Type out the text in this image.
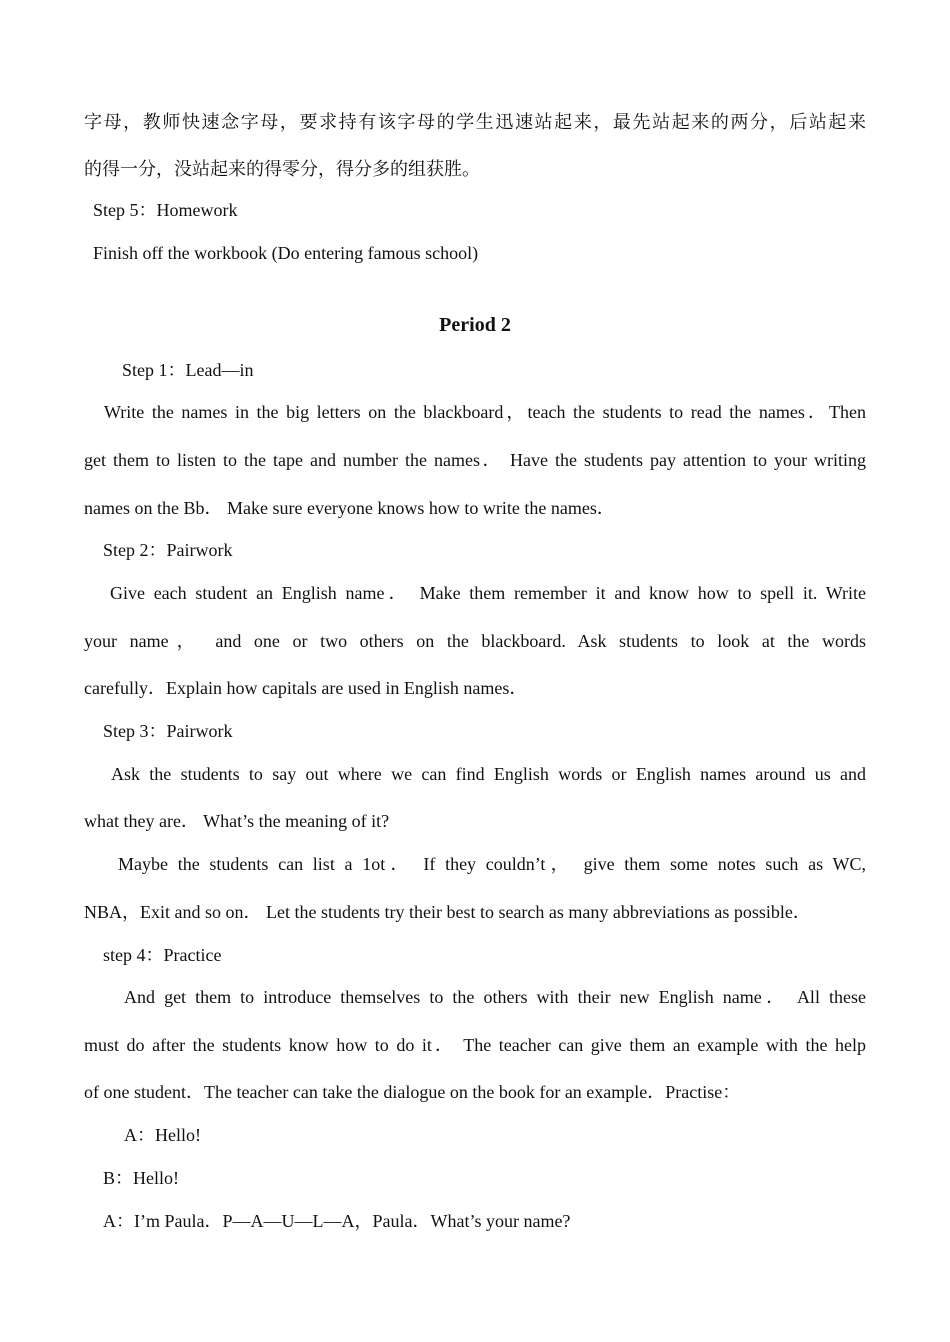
字母，教师快速念字母，要求持有该字母的学生迅速站起来，最先站起来的两分，后站起来
的得一分，没站起来的得零分，得分多的组获胜。
Step 5：Homework
Finish off the workbook (Do entering famous school)
Period 2
Step 1：Lead—in
Write the names in the big letters on the blackboard，teach the students to read the names．Then
get them to listen to the tape and number the names． Have the students pay attention to your writing
names on the Bb． Make sure everyone knows how to write the names．
Step 2：Pairwork
Give each student an English name． Make them remember it and know how to spell it. Write
your name， and one or two others on the blackboard. Ask students to look at the words
carefully．Explain how capitals are used in English names．
Step 3：Pairwork
Ask the students to say out where we can find English words or English names around us and
what they are． What’s the meaning of it?
Maybe the students can list a 1ot． If they couldn’t， give them some notes such as WC,
NBA，Exit and so on． Let the students try their best to search as many abbreviations as possible．
step 4：Practice
And get them to introduce themselves to the others with their new English name． All these
must do after the students know how to do it． The teacher can give them an example with the help
of one student．The teacher can take the dialogue on the book for an example．Practise：
A：Hello!
B：Hello!
A：I’m Paula．P—A—U—L—A，Paula．What’s your name?
